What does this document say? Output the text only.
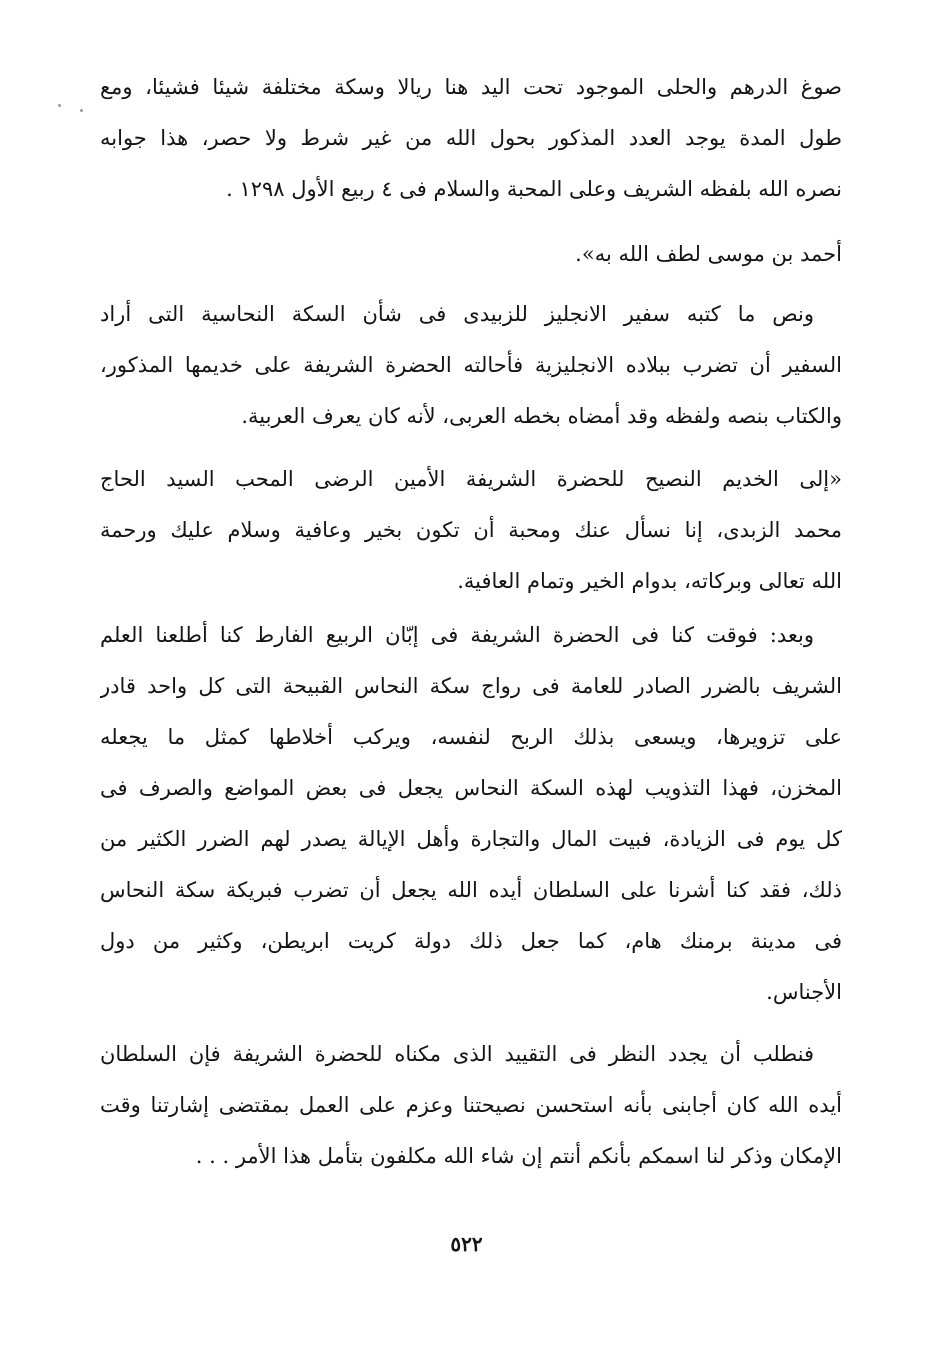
صوغ الدرهم والحلى الموجود تحت اليد هنا ريالا وسكة مختلفة شيئا فشيئا، ومع
طول المدة يوجد العدد المذكور بحول الله من غير شرط ولا حصر، هذا جوابه
نصره الله بلفظه الشريف وعلى المحبة والسلام فى ٤ ربيع الأول ١٢٩٨ .

أحمد بن موسى لطف الله به».

ونص ما كتبه سفير الانجليز للزبيدى فى شأن السكة النحاسية التى أراد
السفير أن تضرب ببلاده الانجليزية فأحالته الحضرة الشريفة على خديمها المذكور،
والكتاب بنصه ولفظه وقد أمضاه بخطه العربى، لأنه كان يعرف العربية.

«إلى الخديم النصيح للحضرة الشريفة الأمين الرضى المحب السيد الحاج
محمد الزبدى، إنا نسأل عنك ومحبة أن تكون بخير وعافية وسلام عليك ورحمة
الله تعالى وبركاته، بدوام الخير وتمام العافية.

وبعد: فوقت كنا فى الحضرة الشريفة فى إبّان الربيع الفارط كنا أطلعنا العلم
الشريف بالضرر الصادر للعامة فى رواج سكة النحاس القبيحة التى كل واحد قادر
على تزويرها، ويسعى بذلك الربح لنفسه، ويركب أخلاطها كمثل ما يجعله
المخزن، فهذا التذويب لهذه السكة النحاس يجعل فى بعض المواضع والصرف فى
كل يوم فى الزيادة، فبيت المال والتجارة وأهل الإيالة يصدر لهم الضرر الكثير من
ذلك، فقد كنا أشرنا على السلطان أيده الله يجعل أن تضرب فبريكة سكة النحاس
فى مدينة برمنك هام، كما جعل ذلك دولة كريت ابريطن، وكثير من دول
الأجناس.

فنطلب أن يجدد النظر فى التقييد الذى مكناه للحضرة الشريفة فإن السلطان
أيده الله كان أجابنى بأنه استحسن نصيحتنا وعزم على العمل بمقتضى إشارتنا وقت
الإمكان وذكر لنا اسمكم بأنكم أنتم إن شاء الله مكلفون بتأمل هذا الأمر . . .

٥٢٢
